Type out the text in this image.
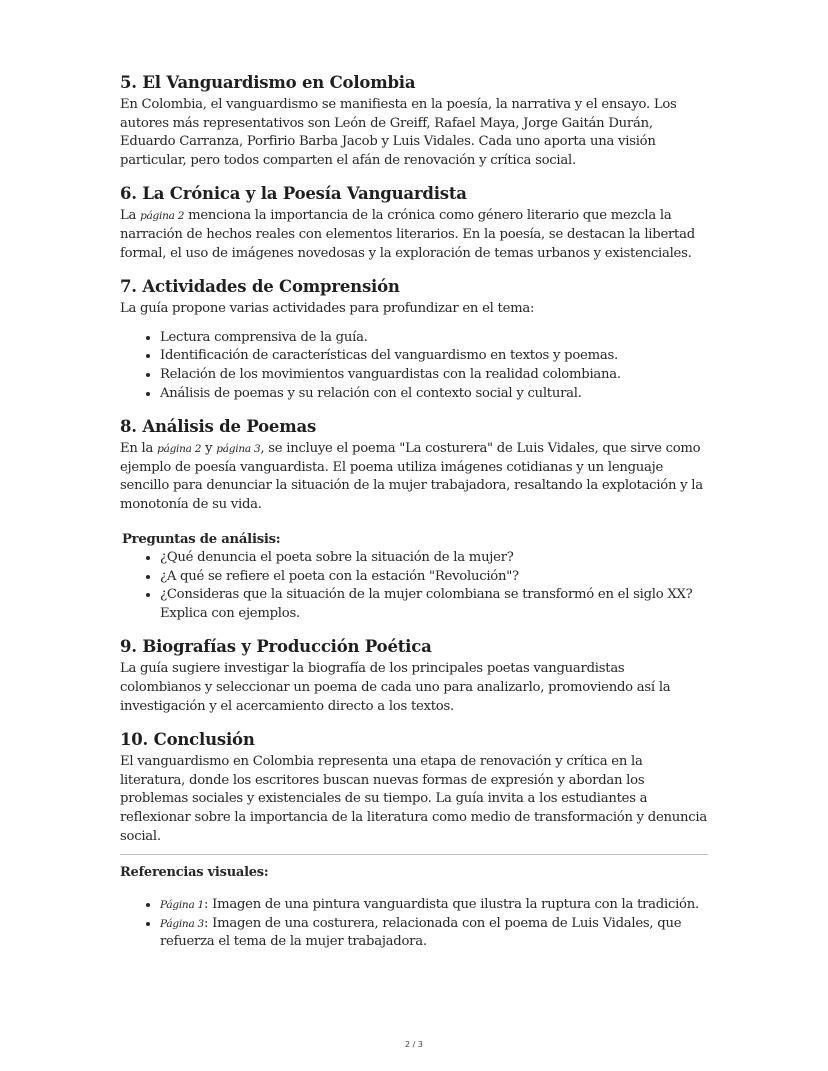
5. El Vanguardismo en Colombia

En Colombia, el vanguardismo se manifiesta en la poesía, la narrativa y el ensayo. Los autores más representativos son León de Greiff, Rafael Maya, Jorge Gaitán Durán, Eduardo Carranza, Porfirio Barba Jacob y Luis Vidales. Cada uno aporta una visión particular, pero todos comparten el afán de renovación y crítica social.

6. La Crónica y la Poesía Vanguardista

La página 2 menciona la importancia de la crónica como género literario que mezcla la narración de hechos reales con elementos literarios. En la poesía, se destacan la libertad formal, el uso de imágenes novedosas y la exploración de temas urbanos y existenciales.

7. Actividades de Comprensión

La guía propone varias actividades para profundizar en el tema:

• Lectura comprensiva de la guía.
• Identificación de características del vanguardismo en textos y poemas.
• Relación de los movimientos vanguardistas con la realidad colombiana.
• Análisis de poemas y su relación con el contexto social y cultural.
8. Análisis de Poemas

En la página 2 y página 3, se incluye el poema "La costurera" de Luis Vidales, que sirve como ejemplo de poesía vanguardista. El poema utiliza imágenes cotidianas y un lenguaje sencillo para denunciar la situación de la mujer trabajadora, resaltando la explotación y la monotonía de su vida.

Preguntas de análisis:
• ¿Qué denuncia el poeta sobre la situación de la mujer?
• ¿A qué se refiere el poeta con la estación "Revolución"?
• ¿Consideras que la situación de la mujer colombiana se transformó en el siglo XX? Explica con ejemplos.
9. Biografías y Producción Poética

La guía sugiere investigar la biografía de los principales poetas vanguardistas colombianos y seleccionar un poema de cada uno para analizarlo, promoviendo así la investigación y el acercamiento directo a los textos.

10. Conclusión

El vanguardismo en Colombia representa una etapa de renovación y crítica en la literatura, donde los escritores buscan nuevas formas de expresión y abordan los problemas sociales y existenciales de su tiempo. La guía invita a los estudiantes a reflexionar sobre la importancia de la literatura como medio de transformación y denuncia social.

Referencias visuales:
• Página 1: Imagen de una pintura vanguardista que ilustra la ruptura con la tradición.
• Página 3: Imagen de una costurera, relacionada con el poema de Luis Vidales, que refuerza el tema de la mujer trabajadora.
2 / 3
